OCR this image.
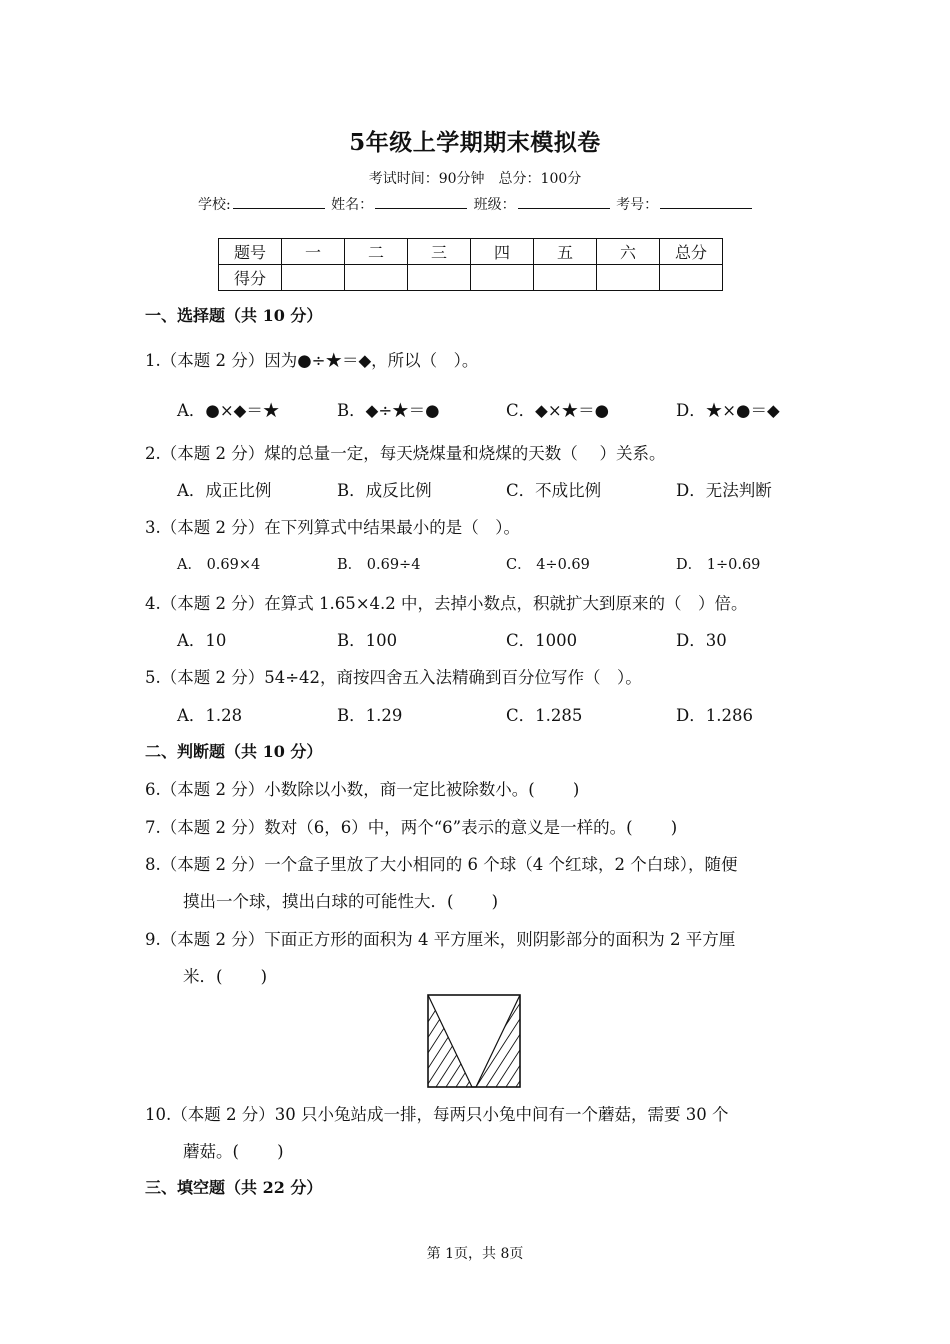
5年级上学期期末模拟卷
考试时间：90分钟　总分：100分
学校:	姓名：	班级：	考号：
题号	一	二	三	四	五	六	总分
得分							
一、选择题（共 10 分）
1.（本题 2 分）因为●÷★＝◆，所以（　）。
A．●×◆＝★	B．◆÷★＝●	C．◆×★＝●	D．★×●＝◆
2.（本题 2 分）煤的总量一定，每天烧煤量和烧煤的天数（　 ）关系。
A．成正比例	B．成反比例	C．不成比例	D．无法判断
3.（本题 2 分）在下列算式中结果最小的是（　）。
A． 0.69×4	B． 0.69÷4	C． 4÷0.69	D． 1÷0.69
4.（本题 2 分）在算式 1.65×4.2 中，去掉小数点，积就扩大到原来的（　）倍。
A．10	B．100	C．1000	D．30
5.（本题 2 分）54÷42，商按四舍五入法精确到百分位写作（　）。
A．1.28	B．1.29	C．1.285	D．1.286
二、判断题（共 10 分）
6.（本题 2 分）小数除以小数，商一定比被除数小。(　　 )
7.（本题 2 分）数对（6，6）中，两个“6”表示的意义是一样的。(　　 )
8.（本题 2 分）一个盒子里放了大小相同的 6 个球（4 个红球，2 个白球），随便
摸出一个球，摸出白球的可能性大．(　　 )
9.（本题 2 分）下面正方形的面积为 4 平方厘米，则阴影部分的面积为 2 平方厘
米．(　　 )
10.（本题 2 分）30 只小兔站成一排，每两只小兔中间有一个蘑菇，需要 30 个
蘑菇。(　　 )
三、填空题（共 22 分）
第 1页，共 8页
